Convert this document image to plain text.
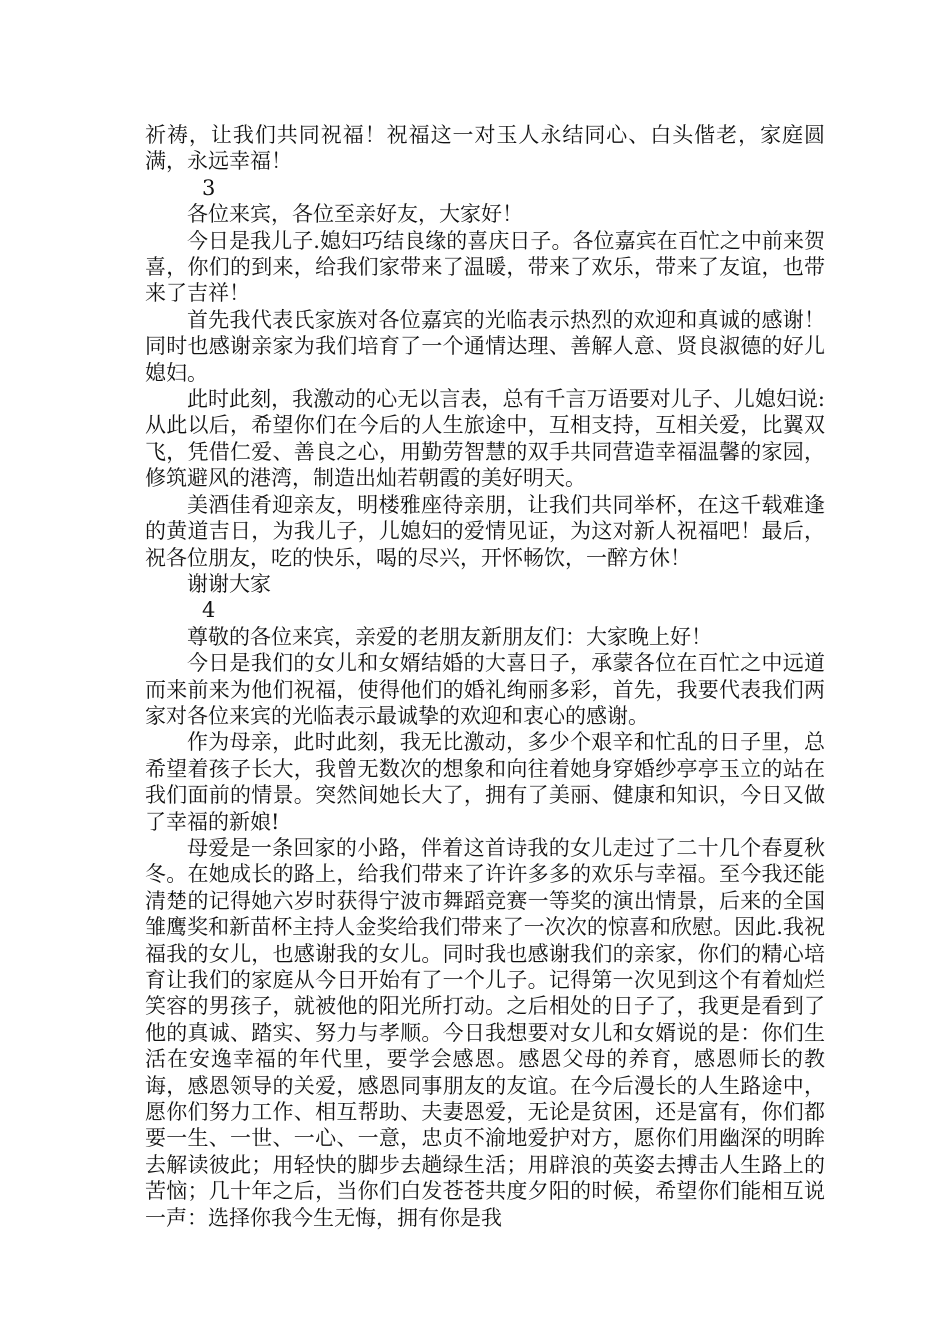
祈祷，让我们共同祝福！祝福这一对玉人永结同心、白头偕老，家庭圆满，永远幸福！

3

各位来宾，各位至亲好友，大家好！

今日是我儿子.媳妇巧结良缘的喜庆日子。各位嘉宾在百忙之中前来贺喜，你们的到来，给我们家带来了温暖，带来了欢乐，带来了友谊，也带来了吉祥！

首先我代表氏家族对各位嘉宾的光临表示热烈的欢迎和真诚的感谢！同时也感谢亲家为我们培育了一个通情达理、善解人意、贤良淑德的好儿媳妇。

此时此刻，我激动的心无以言表，总有千言万语要对儿子、儿媳妇说:从此以后，希望你们在今后的人生旅途中，互相支持，互相关爱，比翼双飞，凭借仁爱、善良之心，用勤劳智慧的双手共同营造幸福温馨的家园，修筑避风的港湾，制造出灿若朝霞的美好明天。

美酒佳肴迎亲友，明楼雅座待亲朋，让我们共同举杯，在这千载难逢的黄道吉日，为我儿子，儿媳妇的爱情见证，为这对新人祝福吧！最后，祝各位朋友，吃的快乐，喝的尽兴，开怀畅饮，一醉方休！

谢谢大家

4

尊敬的各位来宾，亲爱的老朋友新朋友们：大家晚上好！

今日是我们的女儿和女婿结婚的大喜日子，承蒙各位在百忙之中远道而来前来为他们祝福，使得他们的婚礼绚丽多彩，首先，我要代表我们两家对各位来宾的光临表示最诚挚的欢迎和衷心的感谢。

作为母亲，此时此刻，我无比激动，多少个艰辛和忙乱的日子里，总希望着孩子长大，我曾无数次的想象和向往着她身穿婚纱亭亭玉立的站在我们面前的情景。突然间她长大了，拥有了美丽、健康和知识，今日又做了幸福的新娘!

母爱是一条回家的小路，伴着这首诗我的女儿走过了二十几个春夏秋冬。在她成长的路上，给我们带来了许许多多的欢乐与幸福。至今我还能清楚的记得她六岁时获得宁波市舞蹈竞赛一等奖的演出情景，后来的全国雏鹰奖和新苗杯主持人金奖给我们带来了一次次的惊喜和欣慰。因此.我祝福我的女儿，也感谢我的女儿。同时我也感谢我们的亲家，你们的精心培育让我们的家庭从今日开始有了一个儿子。记得第一次见到这个有着灿烂笑容的男孩子，就被他的阳光所打动。之后相处的日子了，我更是看到了他的真诚、踏实、努力与孝顺。今日我想要对女儿和女婿说的是：你们生活在安逸幸福的年代里，要学会感恩。感恩父母的养育，感恩师长的教诲，感恩领导的关爱，感恩同事朋友的友谊。在今后漫长的人生路途中，愿你们努力工作、相互帮助、夫妻恩爱，无论是贫困，还是富有，你们都要一生、一世、一心、一意，忠贞不渝地爱护对方，愿你们用幽深的明眸去解读彼此；用轻快的脚步去趟绿生活；用辟浪的英姿去搏击人生路上的苦恼；几十年之后，当你们白发苍苍共度夕阳的时候，希望你们能相互说一声：选择你我今生无悔，拥有你是我
